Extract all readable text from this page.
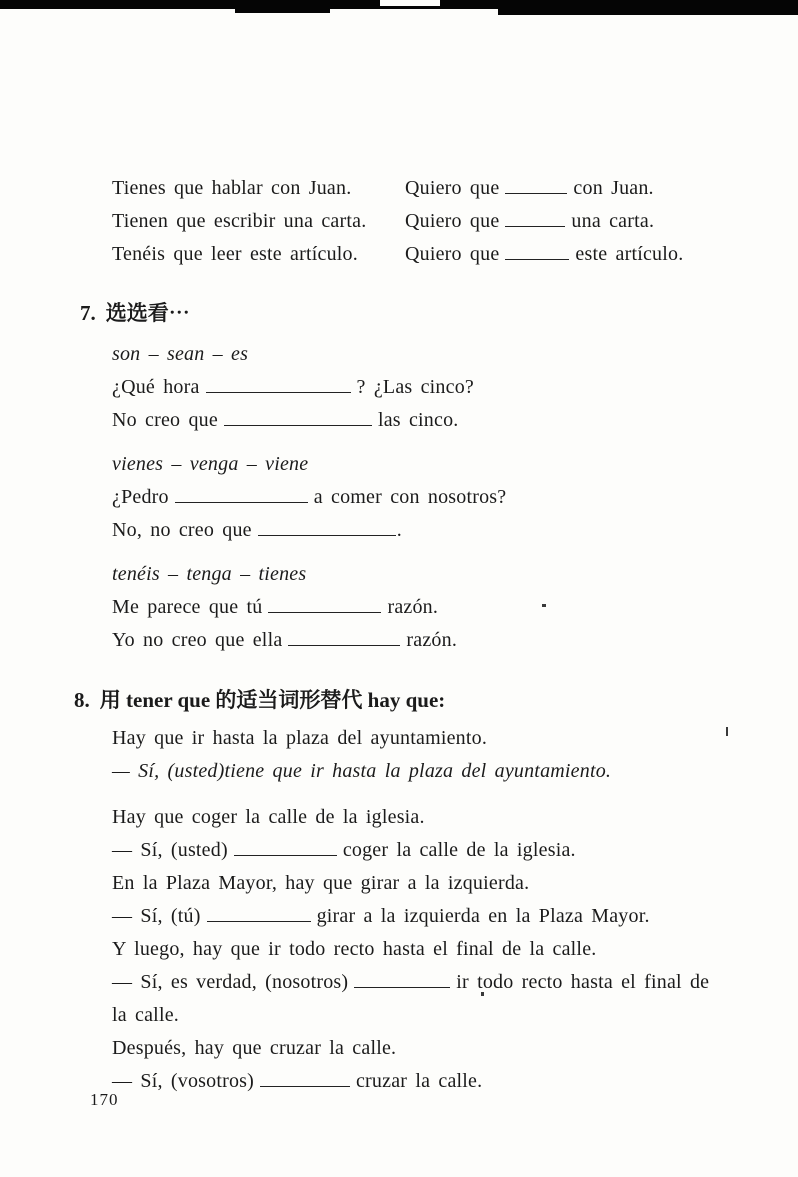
Tienes que hablar con Juan.	Quiero que	con Juan.
Tienen que escribir una carta.	Quiero que	una carta.
Tenéis que leer este artículo.	Quiero que	este artículo.
7. 选选看⋯
son – sean – es
¿Qué hora	? ¿Las cinco?
No creo que	las cinco.
vienes – venga – viene
¿Pedro	a comer con nosotros?
No, no creo que	.
tenéis – tenga – tienes
Me parece que tú	razón.
Yo no creo que ella	razón.
8. 用 tener que 的适当词形替代 hay que:
Hay que ir hasta la plaza del ayuntamiento.
— Sí, (usted)tiene que ir hasta la plaza del ayuntamiento.
Hay que coger la calle de la iglesia.
— Sí, (usted)	coger la calle de la iglesia.
En la Plaza Mayor, hay que girar a la izquierda.
— Sí, (tú)	girar a la izquierda en la Plaza Mayor.
Y luego, hay que ir todo recto hasta el final de la calle.
— Sí, es verdad, (nosotros)	ir todo recto hasta el final de la calle.
Después, hay que cruzar la calle.
— Sí, (vosotros)	cruzar la calle.
170
